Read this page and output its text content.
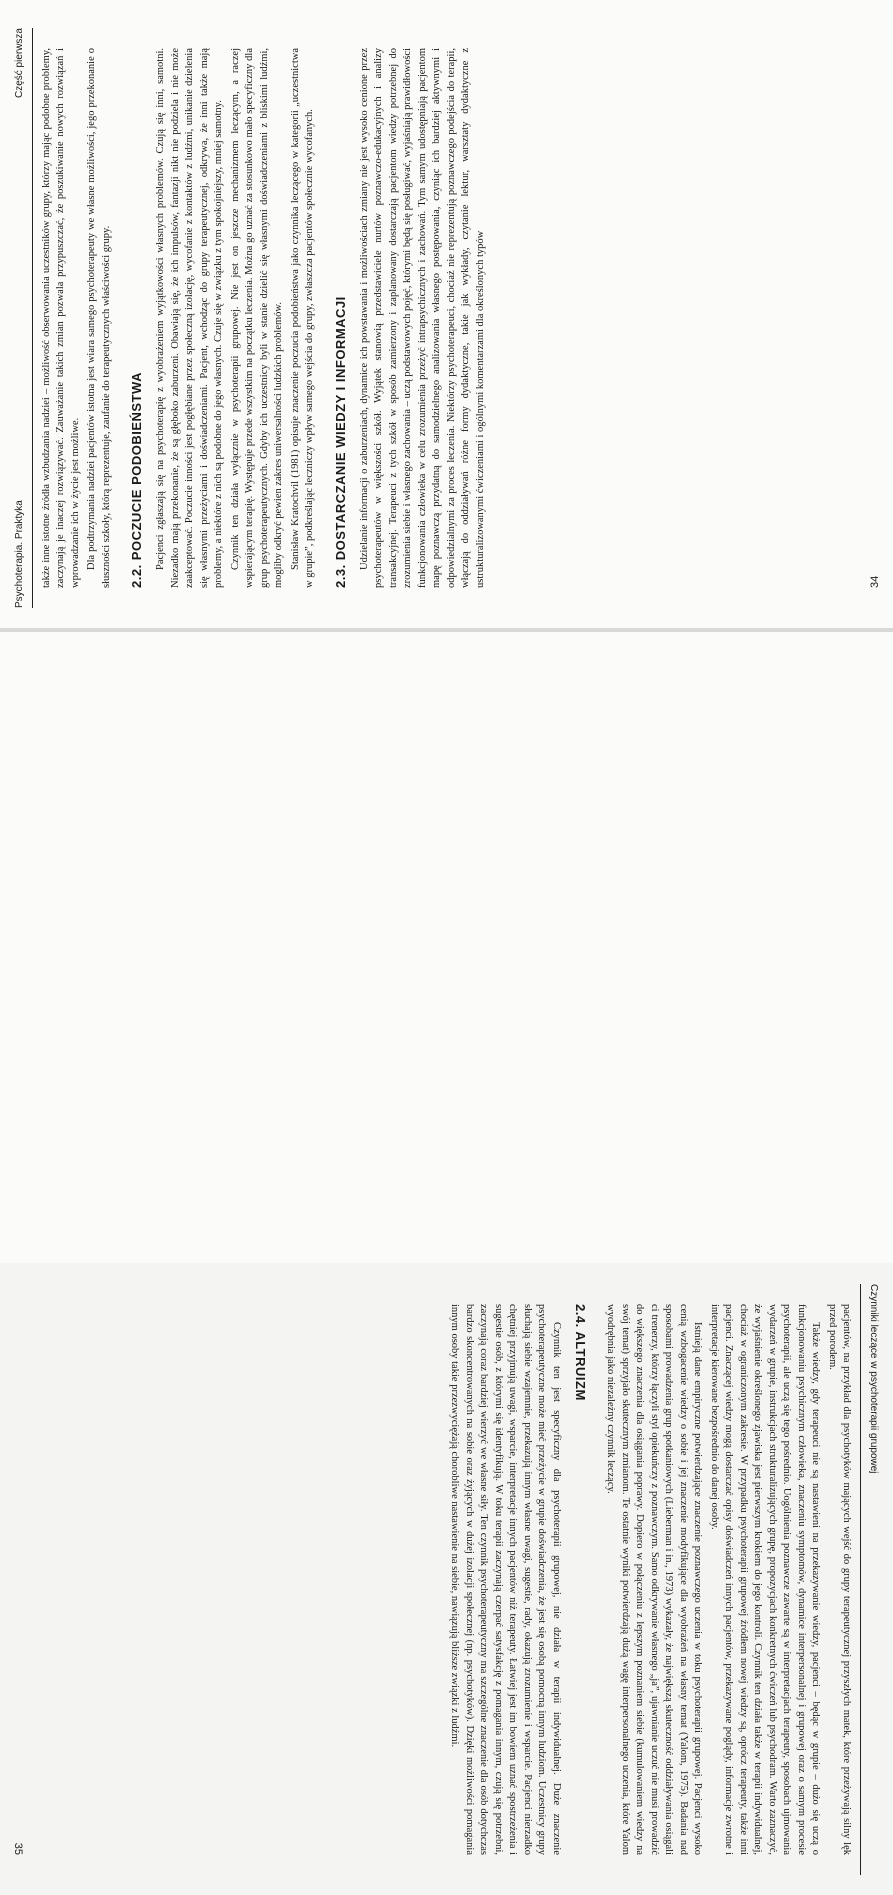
Psychoterapia. Praktyka
Część pierwsza	także inne istotne źródła wzbudzania nadziei – możliwość obserwowania uczestników grupy, którzy mając podobne problemy, zaczynają je inaczej rozwiązywać. Zauważanie takich zmian pozwala przypuszczać, że poszukiwanie nowych rozwiązań i wprowadzanie ich w życie jest możliwe. Dla podtrzymania nadziei pacjentów istotna jest wiara samego psychoterapeuty we własne możliwości, jego przekonanie o słuszności szkoły, którą reprezentuje, zaufanie do terapeutycznych właściwości grupy. 2.2. POCZUCIE PODOBIEŃSTWA Pacjenci zgłaszają się na psychoterapię z wyobrażeniem wyjątkowości własnych problemów. Czują się inni, samotni. Niezadko mają przekonanie, że są głęboko zaburzeni. Obawiają się, że ich impulsów, fantazji nikt nie podziela i nie może zaakceptować. Poczucie inności jest pogłębiane przez społeczną izolację, wycofanie z kontaktów z ludźmi, unikanie dzielenia się własnymi przeżyciami i doświadczeniami. Pacjent, wchodząc do grupy terapeutycznej, odkrywa, że inni także mają problemy, a niektóre z nich są podobne do jego własnych. Czuje się w związku z tym spokojniejszy, mniej samotny. Czynnik ten działa wyłącznie w psychoterapii grupowej. Nie jest on jeszcze mechanizmem leczącym, a raczej wspierającym terapię. Występuje przede wszystkim na początku leczenia. Można go uznać za stosunkowo mało specyficzny dla grup psychoterapeutycznych. Gdyby ich uczestnicy byli w stanie dzielić się własnymi doświadczeniami z bliskimi ludźmi, mogliby odkryć pewien zakres uniwersalności ludzkich problemów. Stanisław Kratochvil (1981) opisuje znaczenie poczucia podobieństwa jako czynnika leczącego w kategorii „uczestnictwa w grupie”, podkreślając leczniczy wpływ samego wejścia do grupy, zwłaszcza pacjentów społecznie wycofanych. 2.3. DOSTARCZANIE WIEDZY I INFORMACJI Udzielanie informacji o zaburzeniach, dynamice ich powstawania i możliwościach zmiany nie jest wysoko cenione przez psychoterapeutów w większości szkół. Wyjątek stanowią przedstawiciele nurtów poznawczo-edukacyjnych i analizy transakcyjnej. Terapeuci z tych szkół w sposób zamierzony i zaplanowany dostarczają pacjentom wiedzy potrzebnej do zrozumienia siebie i własnego zachowania – uczą podstawowych pojęć, którymi będą się posługiwać, wyjaśniają prawidłowości funkcjonowania człowieka w celu zrozumienia przeżyć intrapsychicznych i zachowań. Tym samym udostępniają pacjentom mapę poznawczą przydatną do samodzielnego analizowania własnego postępowania, czyniąc ich bardziej aktywnymi i odpowiedzialnymi za proces leczenia. Niektórzy psychoterapeuci, chociaż nie reprezentują poznawczego podejścia do terapii, włączają do oddziaływań różne formy dydaktyczne, takie jak wykłady, czytanie lektur, warsztaty dydaktyczne z ustrukturalizowanymi ćwiczeniami i ogólnymi komentarzami dla określonych typów	34
Czynniki leczące w psychoterapii grupowej

pacjentów, na przykład dla psychotyków mających wejść do grupy terapeutycznej przyszłych matek, które przeżywają silny lęk przed porodem.

Także wiedzy, gdy terapeuci nie są nastawieni na przekazywanie wiedzy, pacjenci – będąc w grupie – dużo się uczą o funkcjonowaniu psychicznym człowieka, znaczeniu symptomów, dynamice interpersonalnej i grupowej oraz o samym procesie psychoterapii, ale uczą się tego pośrednio. Uogólnienia poznawcze zawarte są w interpretacjach terapeuty, sposobach ujmowania wydarzeń w grupie, instrukcjach strukturalizujących grupę, propozycjach konkretnych ćwiczeń lub psychodram. Warto zaznaczyć, że wyjaśnienie określonego zjawiska jest pierwszym krokiem do jego kontroli. Czynnik ten działa także w terapii indywidualnej, chociaż w ograniczonym zakresie. W przypadku psychoterapii grupowej źródłem nowej wiedzy są, oprócz terapeuty, także inni pacjenci. Znaczącej wiedzy mogą dostarczać opisy doświadczeń innych pacjentów, przekazywane poglądy, informacje zwrotne i interpretacje kierowane bezpośrednio do danej osoby.

Istnieją dane empiryczne potwierdzające znaczenie poznawczego uczenia w toku psychoterapii grupowej. Pacjenci wysoko cenią wzbogacenie wiedzy o sobie i jej znaczenie modyfikujące dla wyobrażeń na własny temat (Yalom, 1975). Badania nad sposobami prowadzenia grup spotkaniowych (Lieberman i in., 1973) wykazały, że największą skuteczność oddziaływania osiągali ci trenerzy, którzy łączyli styl opiekuńczy z poznawczym. Samo odkrywanie własnego „ja”, ujawnianie uczuć nie musi prowadzić do większego znaczenia dla osiągania poprawy. Dopiero w połączeniu z lepszym poznaniem siebie (kumulowaniem wiedzy na swój temat) sprzyjało skutecznym zmianom. Te ostatnie wyniki potwierdzają dużą wagę interpersonalnego uczenia, które Yalom wyodrębnia jako niezależny czynnik leczący.

2.4. ALTRUIZM

Czynnik ten jest specyficzny dla psychoterapii grupowej, nie działa w terapii indywidualnej. Duże znaczenie psychoterapeutyczne może mieć przeżycie w grupie doświadczenia, że jest się osobą pomocną innym ludziom. Uczestnicy grupy słuchają siebie wzajemnie, przekazują innym własne uwagi, sugestie, rady, okazują zrozumienie i wsparcie. Pacjenci nierzadko chętniej przyjmują uwagi, wsparcie, interpretacje innych pacjentów niż terapeuty. Łatwiej jest im bowiem uznać spostrzeżenia i sugestie osób, z którymi się identyfikują. W toku terapii zaczynają czerpać satysfakcję z pomagania innym, czują się potrzebni, zaczynają coraz bardziej wierzyć we własne siły. Ten czynnik psychoterapeutyczny ma szczególne znaczenie dla osób dotychczas bardzo skoncentrowanych na sobie oraz żyjących w dużej izolacji społecznej (np. psychotyków). Dzięki możliwości pomagania innym osoby takie przezwyciężają chorobliwe nastawienie na siebie, nawiązują bliższe związki z ludźmi.

35
